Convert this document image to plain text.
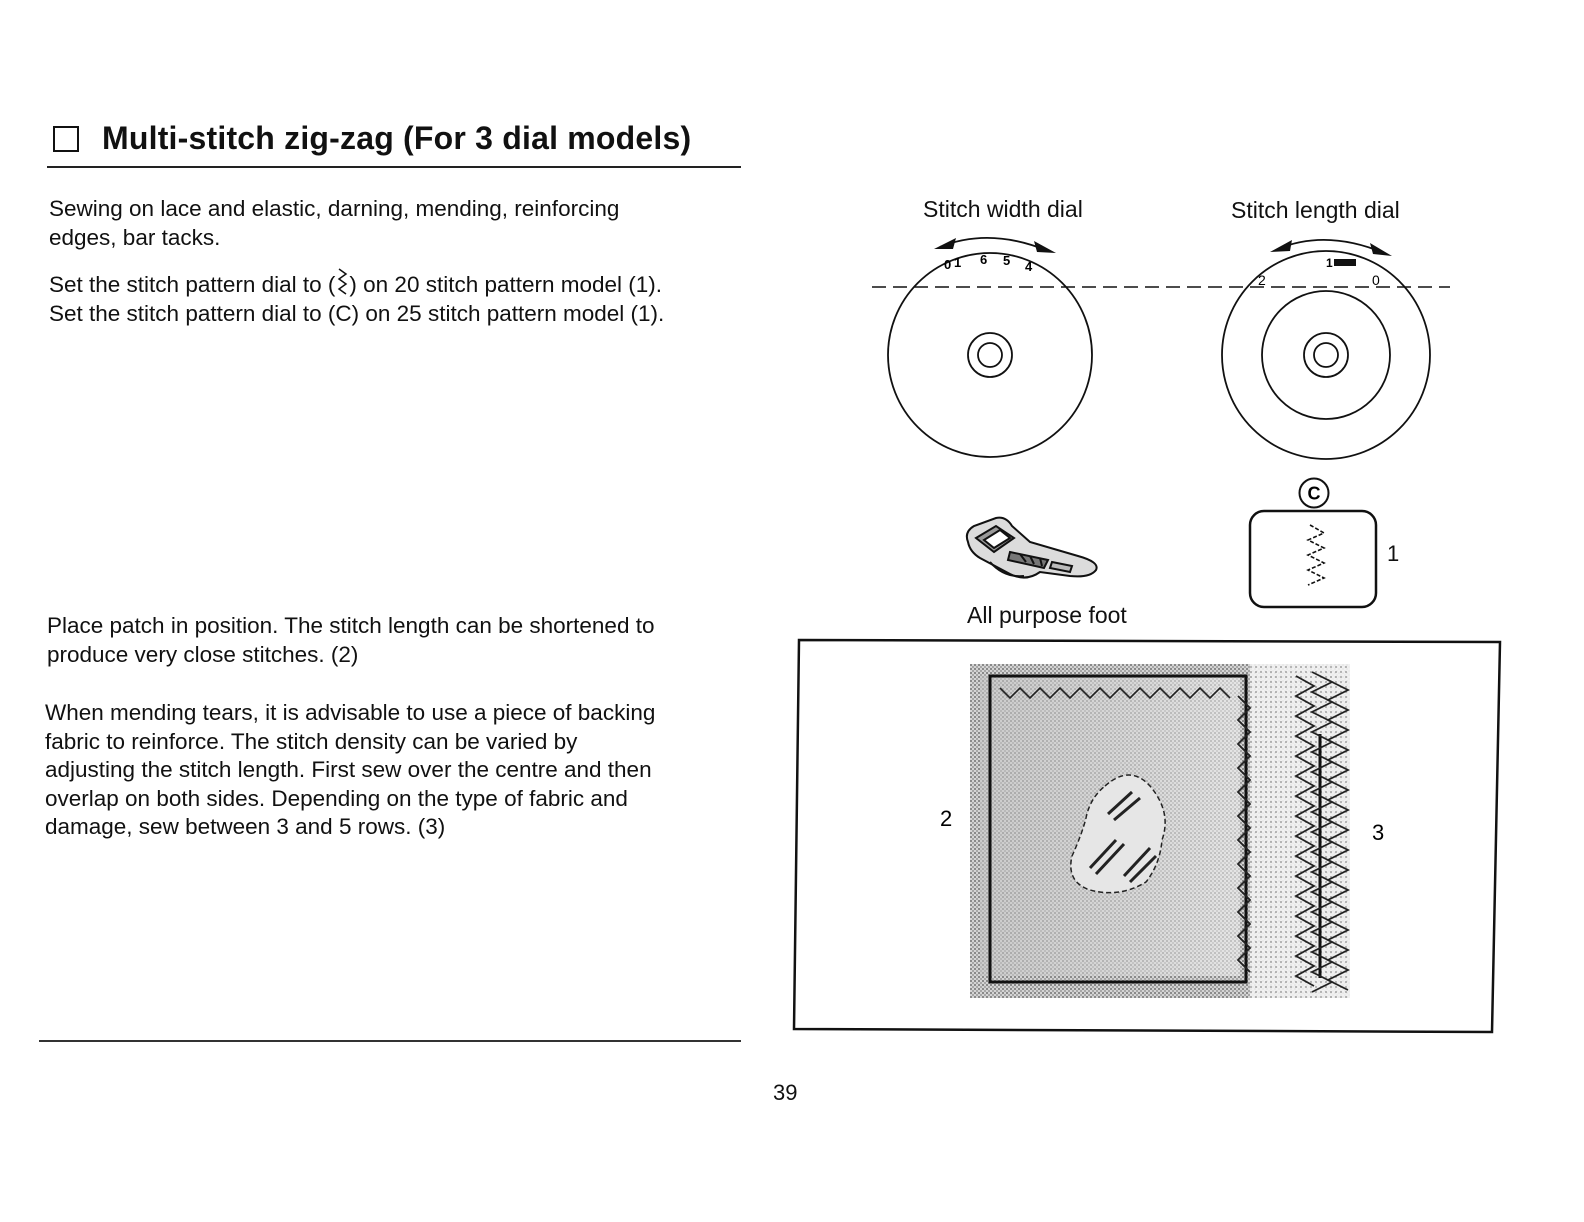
Multi-stitch zig-zag (For 3 dial models)
Sewing on lace and elastic, darning, mending, reinforcing
edges, bar tacks.
Set the stitch pattern dial to ( ) on 20 stitch pattern model (1).
Set the stitch pattern dial to (C) on 25 stitch pattern model (1).
Place patch in position. The stitch length can be shortened to
produce very close stitches. (2)
When mending tears, it is advisable to use a piece of backing
fabric to reinforce. The stitch density can be varied by
adjusting the stitch length. First sew over the centre and then
overlap on both sides. Depending on the type of fabric and
damage, sew between 3 and 5 rows. (3)
39
Stitch width dial	Stitch length dial
0 1 6 5 4
2
1
0
C
1
All purpose foot
2
3
